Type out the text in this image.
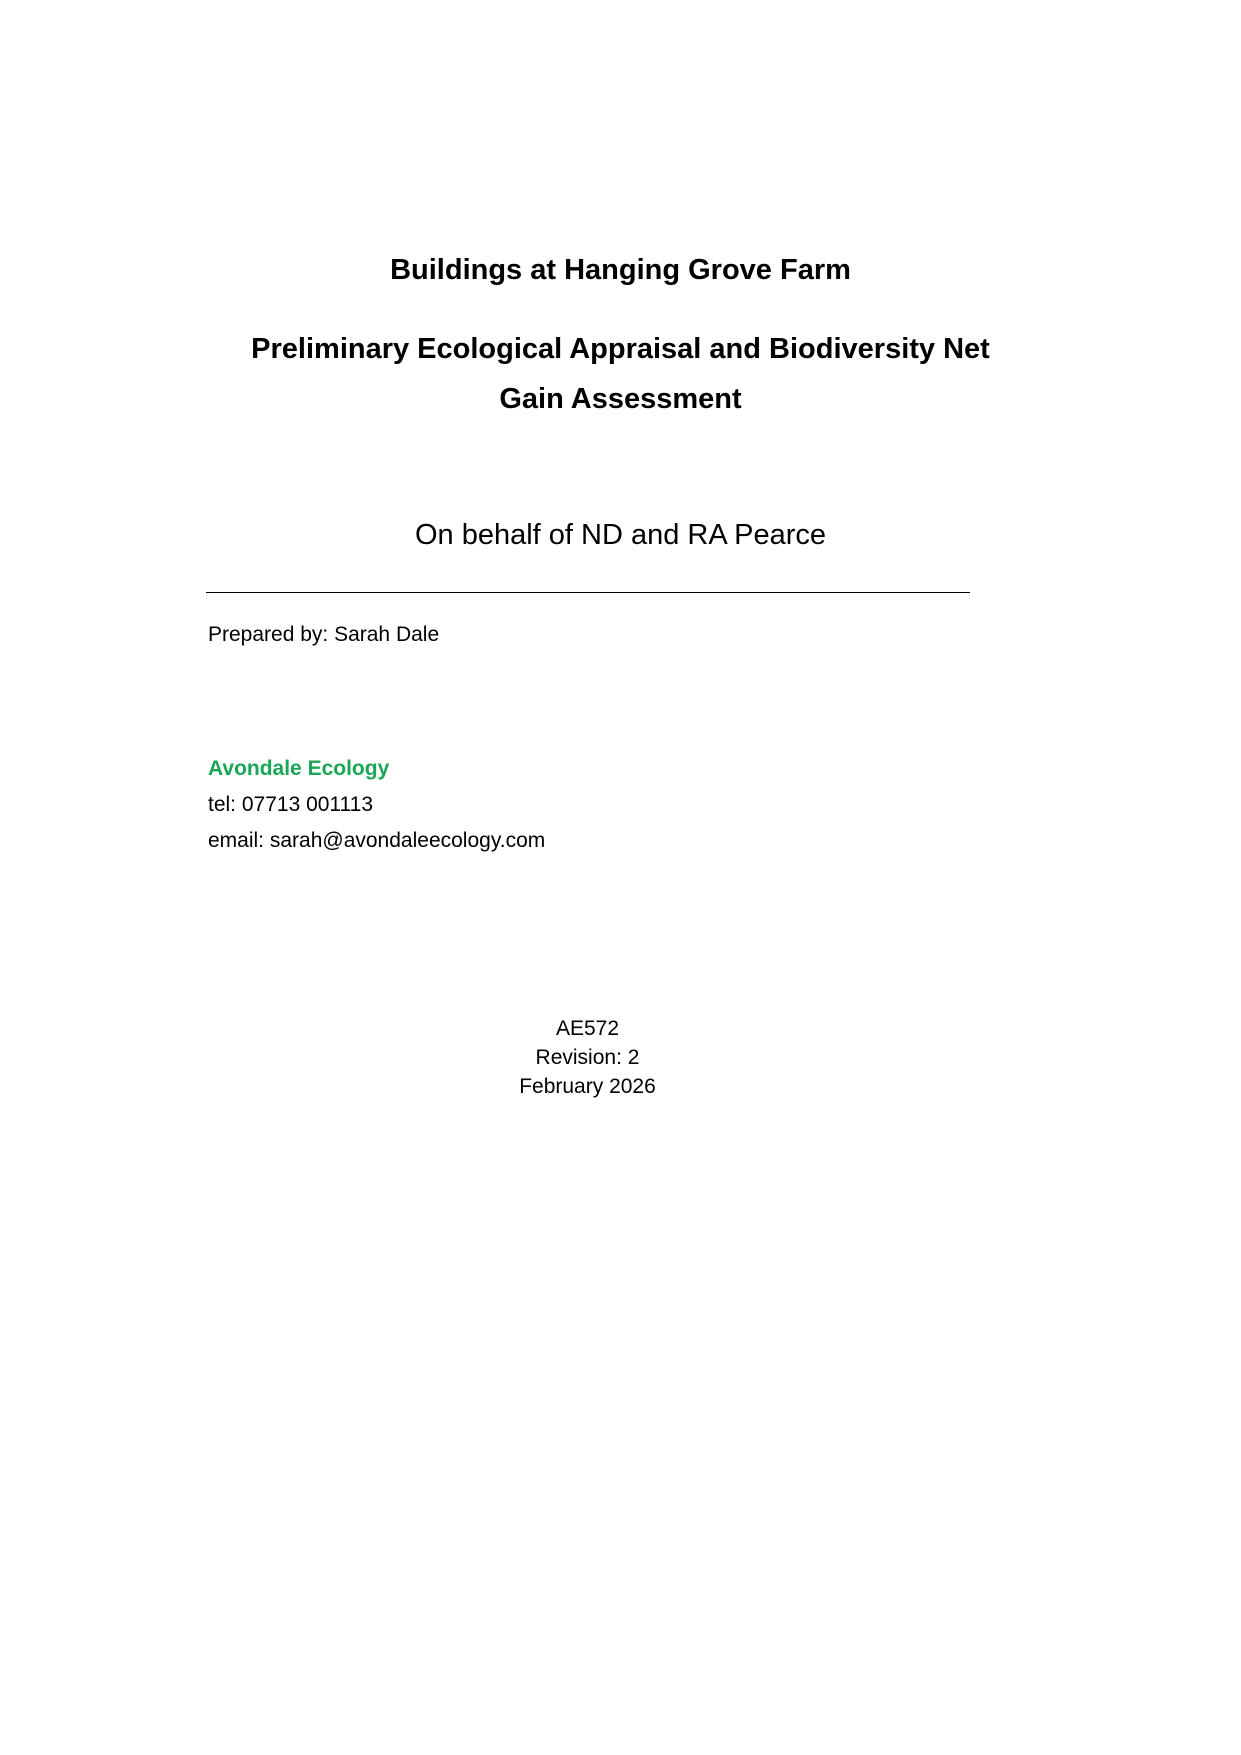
Buildings at Hanging Grove Farm
Preliminary Ecological Appraisal and Biodiversity Net Gain Assessment

On behalf of ND and RA Pearce

Prepared by: Sarah Dale

Avondale Ecology

tel: 07713 001113

email: sarah@avondaleecology.com

AE572
Revision: 2
February 2026
